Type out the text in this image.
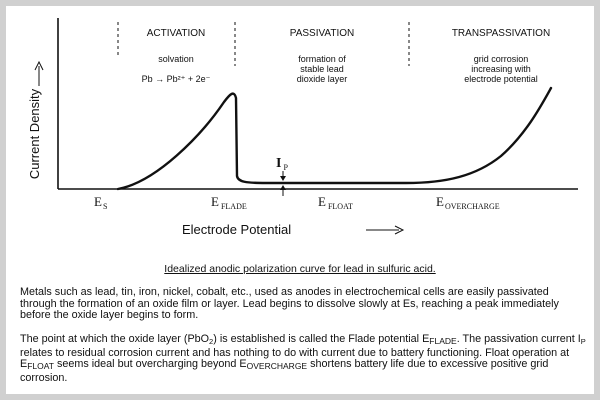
Current Density
ACTIVATION	PASSIVATION	TRANSPASSIVATION
solvation
Pb → Pb²⁺ + 2e⁻
formation of
stable lead
dioxide layer
grid corrosion
increasing with
electrode potential
I P
ES	EFLADE	EFLOAT	EOVERCHARGE
Electrode Potential
Idealized anodic polarization curve for lead in sulfuric acid.

Metals such as lead, tin, iron, nickel, cobalt, etc., used as anodes in electrochemical cells are easily passivated through the formation of an oxide film or layer. Lead begins to dissolve slowly at Es, reaching a peak immediately before the oxide layer begins to form.

The point at which the oxide layer (PbO$_2$) is established is called the Flade potential $E_{FLADE}$. The passivation current $I_P$ relates to residual corrosion current and has nothing to do with current due to battery functioning. Float operation at $E_{FLOAT}$ seems ideal but overcharging beyond $E_{OVERCHARGE}$ shortens battery life due to excessive positive grid corrosion.
